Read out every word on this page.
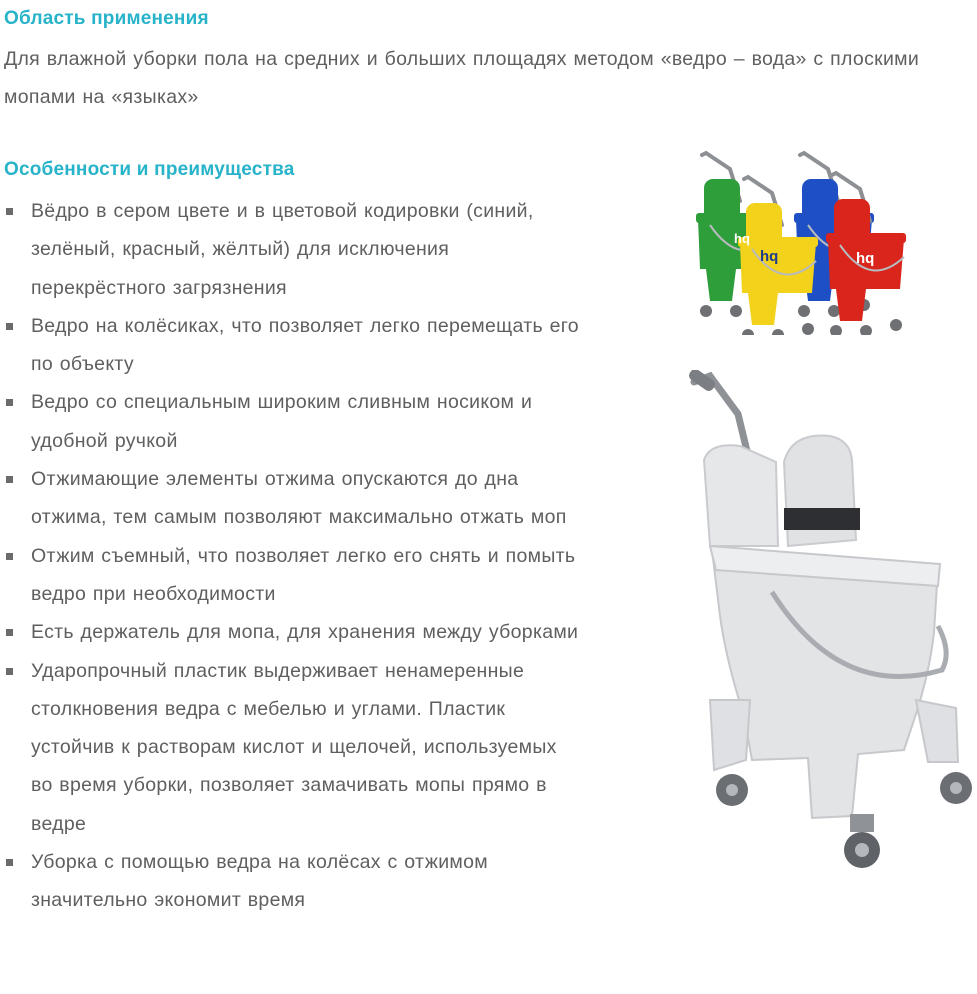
Область применения

Для влажной уборки пола на средних и больших площадях методом «ведро – вода» с плоскими мопами на «языках»

Особенности и преимущества
Вёдро в сером цвете и в цветовой кодировки (синий, зелёный, красный, жёлтый) для исключения перекрёстного загрязнения
Ведро на колёсиках, что позволяет легко перемещать его по объекту
Ведро со специальным широким сливным носиком и удобной ручкой
Отжимающие элементы отжима опускаются до дна отжима, тем самым позволяют максимально отжать моп
Отжим съемный, что позволяет легко его снять и помыть ведро при необходимости
Есть держатель для мопа, для хранения между уборками
Ударопрочный пластик выдерживает ненамеренные столкновения ведра с мебелью и углами. Пластик устойчив к растворам кислот и щелочей, используемых во время уборки, позволяет замачивать мопы прямо в ведре
Уборка с помощью ведра на колёсах с отжимом значительно экономит время
hq
hq
hq
